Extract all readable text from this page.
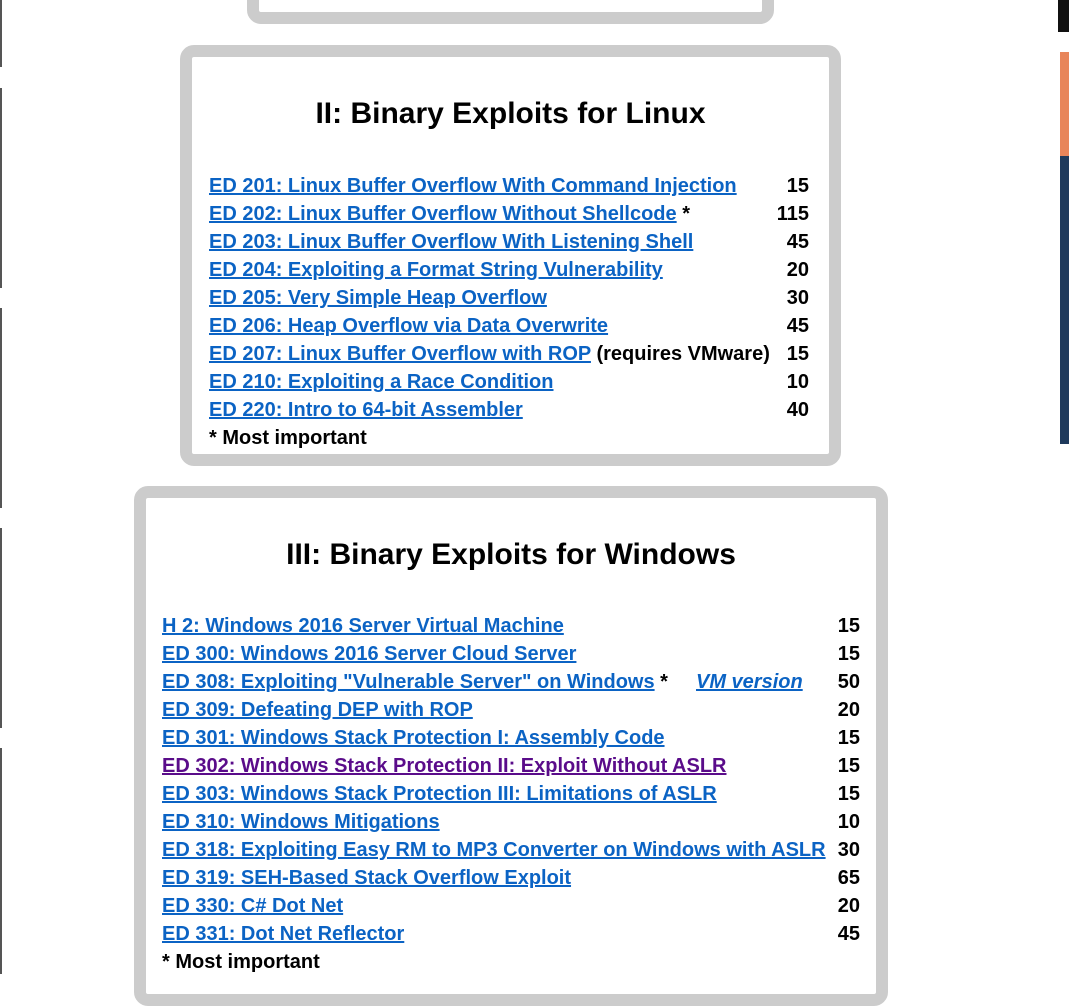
II: Binary Exploits for Linux
ED 201: Linux Buffer Overflow With Command Injection	15
ED 202: Linux Buffer Overflow Without Shellcode *	115
ED 203: Linux Buffer Overflow With Listening Shell	45
ED 204: Exploiting a Format String Vulnerability	20
ED 205: Very Simple Heap Overflow	30
ED 206: Heap Overflow via Data Overwrite	45
ED 207: Linux Buffer Overflow with ROP (requires VMware) 15
ED 210: Exploiting a Race Condition	10
ED 220: Intro to 64-bit Assembler	40
* Most important
III: Binary Exploits for Windows
H 2: Windows 2016 Server Virtual Machine	15
ED 300: Windows 2016 Server Cloud Server	15
ED 308: Exploiting "Vulnerable Server" on Windows * VM version	50
ED 309: Defeating DEP with ROP	20
ED 301: Windows Stack Protection I: Assembly Code	15
ED 302: Windows Stack Protection II: Exploit Without ASLR	15
ED 303: Windows Stack Protection III: Limitations of ASLR	15
ED 310: Windows Mitigations	10
ED 318: Exploiting Easy RM to MP3 Converter on Windows with ASLR 30
ED 319: SEH-Based Stack Overflow Exploit	65
ED 330: C# Dot Net	20
ED 331: Dot Net Reflector	45
* Most important
